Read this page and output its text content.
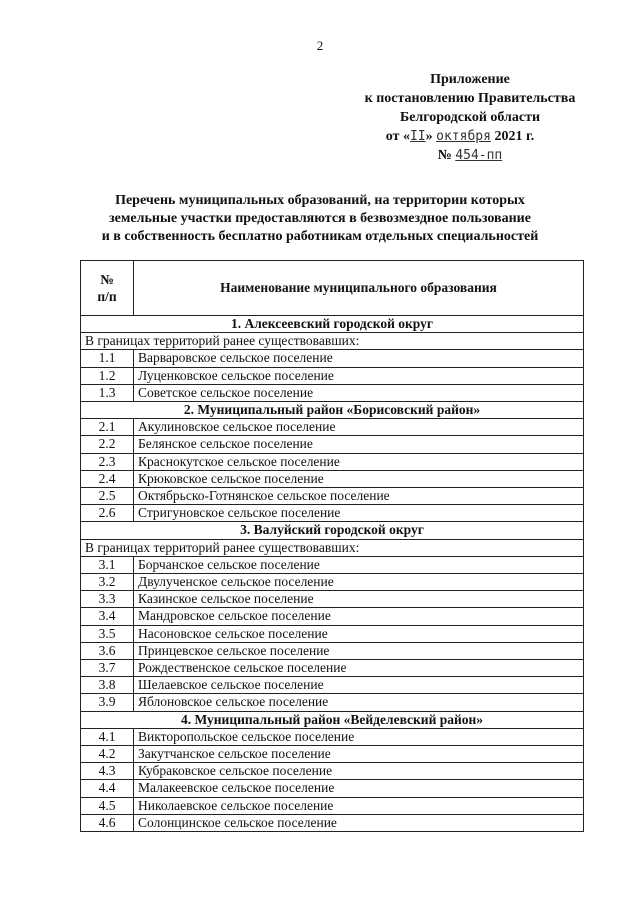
2
Приложение
к постановлению Правительства
Белгородской области
от «II» октября 2021 г.
№ 454-пп
Перечень муниципальных образований, на территории которых
земельные участки предоставляются в безвозмездное пользование
и в собственность бесплатно работникам отдельных специальностей
№
п/п	Наименование муниципального образования
1. Алексеевский городской округ	
В границах территорий ранее существовавших:	
1.1	Варваровское сельское поселение
1.2	Луценковское сельское поселение
1.3	Советское сельское поселение
2. Муниципальный район «Борисовский район»	
2.1	Акулиновское сельское поселение
2.2	Белянское сельское поселение
2.3	Краснокутское сельское поселение
2.4	Крюковское сельское поселение
2.5	Октябрьско-Готнянское сельское поселение
2.6	Стригуновское сельское поселение
3. Валуйский городской округ	
В границах территорий ранее существовавших:	
3.1	Борчанское сельское поселение
3.2	Двулученское сельское поселение
3.3	Казинское сельское поселение
3.4	Мандровское сельское поселение
3.5	Насоновское сельское поселение
3.6	Принцевское сельское поселение
3.7	Рождественское сельское поселение
3.8	Шелаевское сельское поселение
3.9	Яблоновское сельское поселение
4. Муниципальный район «Вейделевский район»	
4.1	Викторопольское сельское поселение
4.2	Закутчанское сельское поселение
4.3	Кубраковское сельское поселение
4.4	Малакеевское сельское поселение
4.5	Николаевское сельское поселение
4.6	Солонцинское сельское поселение
